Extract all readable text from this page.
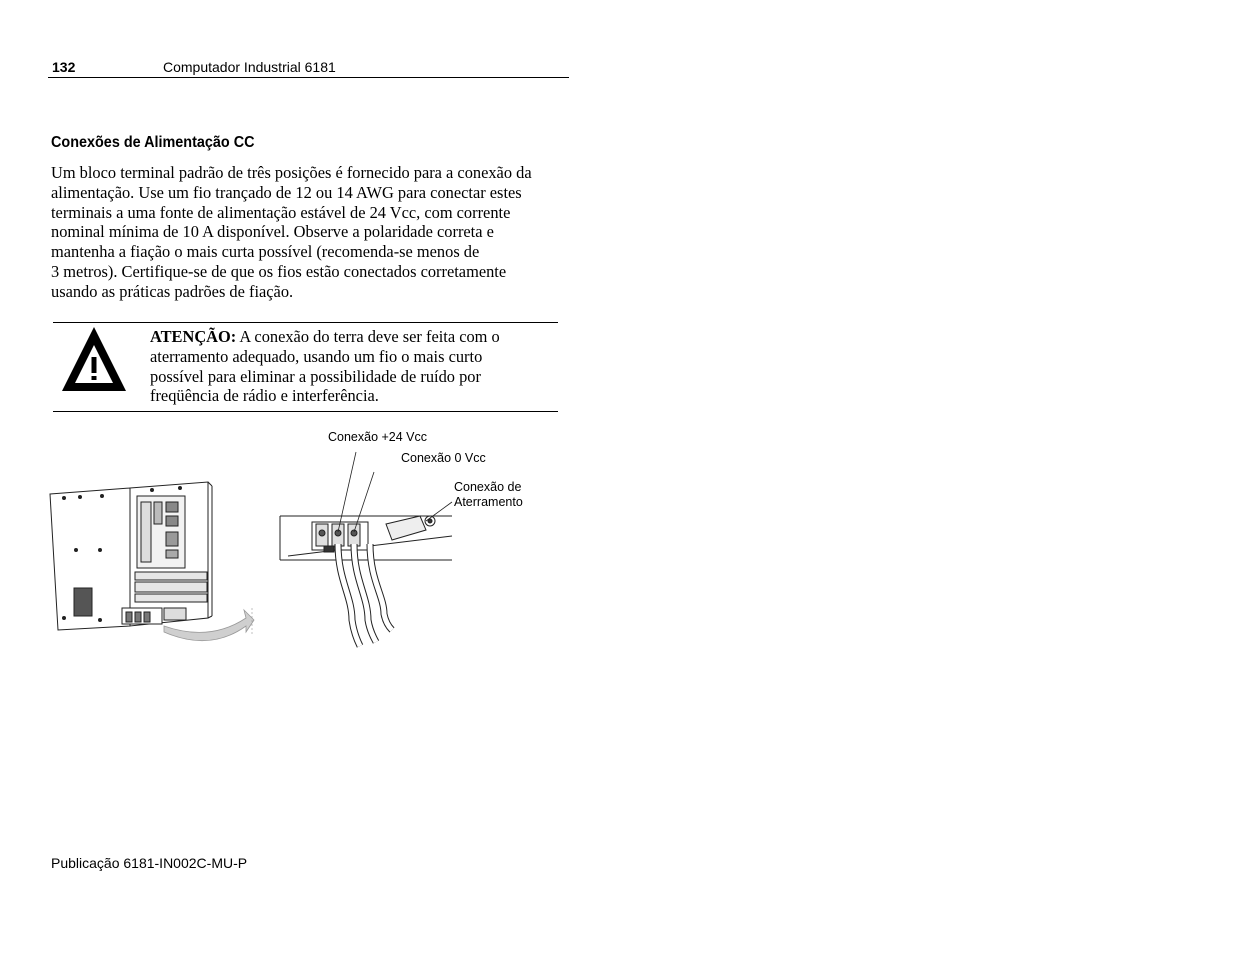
132	Computador Industrial 6181
Conexões de Alimentação CC
Um bloco terminal padrão de três posições é fornecido para a conexão da
alimentação. Use um fio trançado de 12 ou 14 AWG para conectar estes
terminais a uma fonte de alimentação estável de 24 Vcc, com corrente
nominal mínima de 10 A disponível. Observe a polaridade correta e
mantenha a fiação o mais curta possível (recomenda-se menos de
3 metros). Certifique-se de que os fios estão conectados corretamente
usando as práticas padrões de fiação.
ATENÇÃO: A conexão do terra deve ser feita com o
aterramento adequado, usando um fio o mais curto
possível para eliminar a possibilidade de ruído por
freqüência de rádio e interferência.
Conexão +24 Vcc
Conexão 0 Vcc
Conexão de
Aterramento
Publicação 6181-IN002C-MU-P
